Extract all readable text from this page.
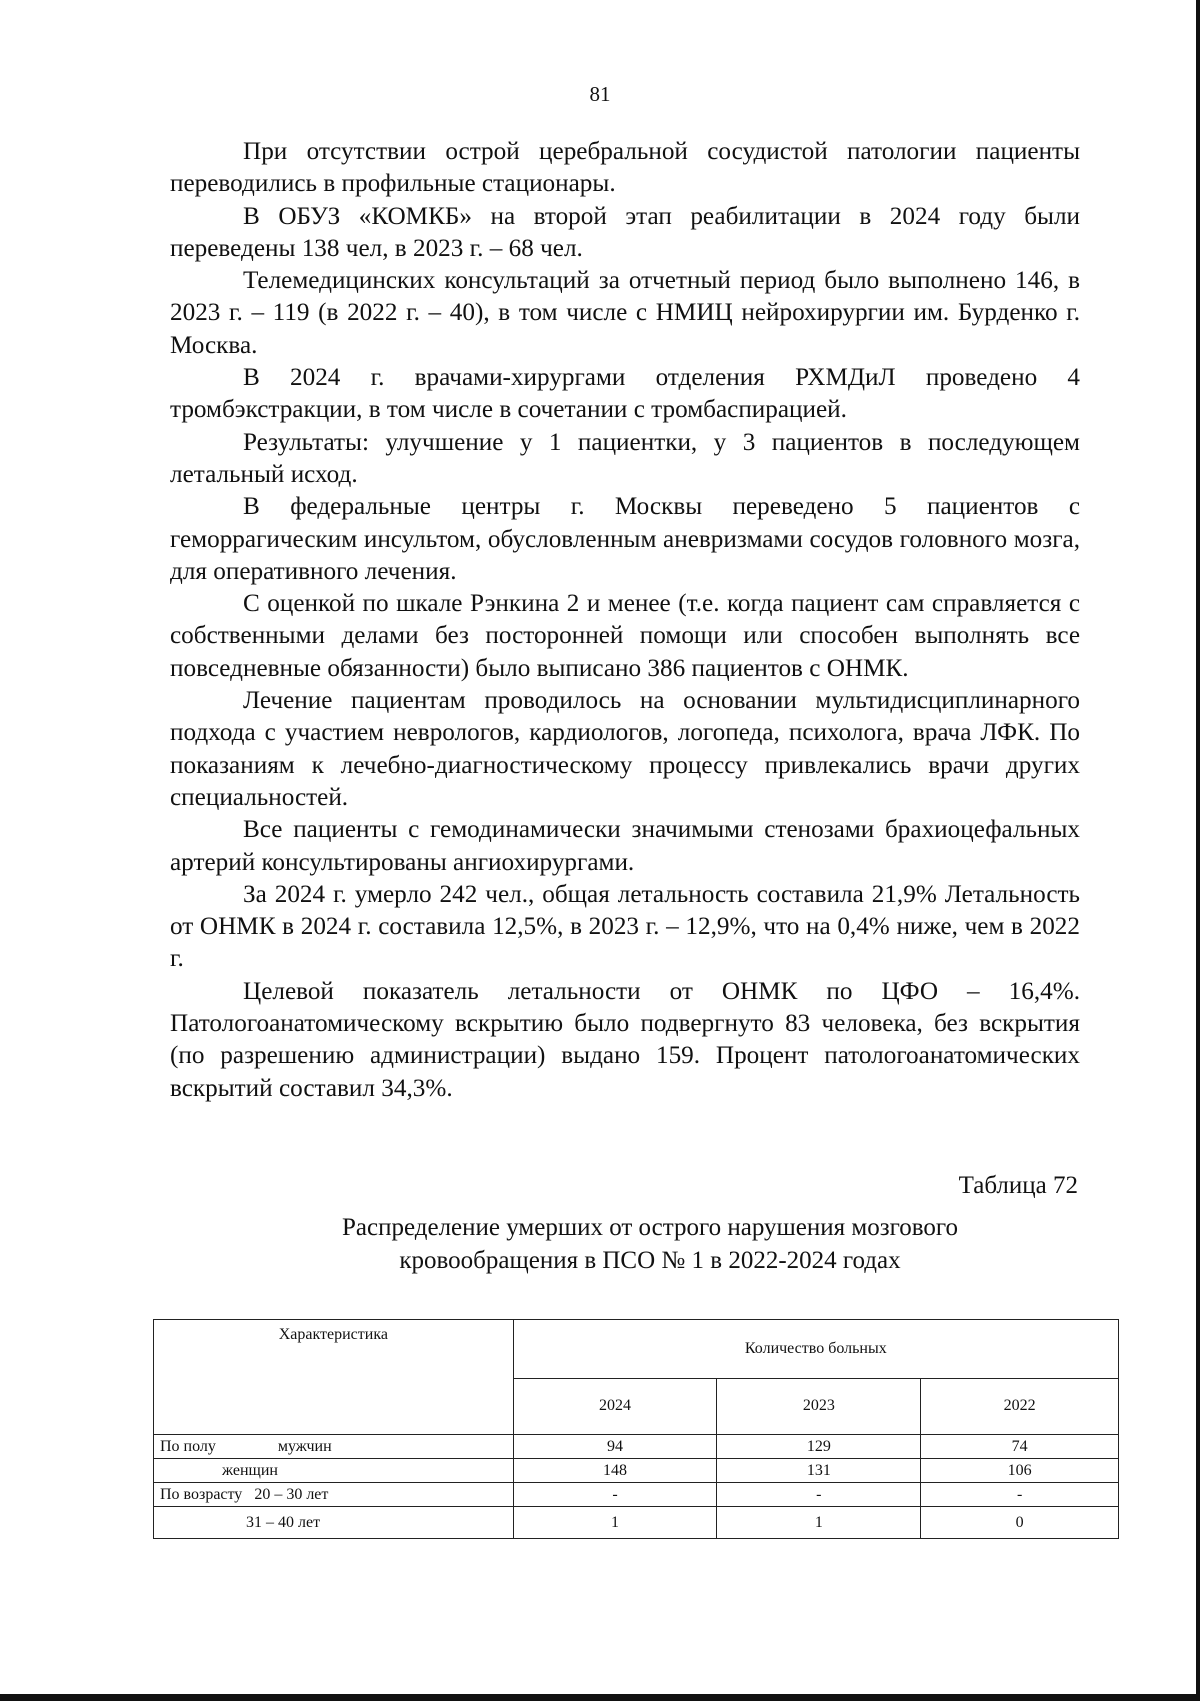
81

При отсутствии острой церебральной сосудистой патологии пациенты переводились в профильные стационары.

В ОБУЗ «КОМКБ» на второй этап реабилитации в 2024 году были переведены 138 чел, в 2023 г. – 68 чел.

Телемедицинских консультаций за отчетный период было выполнено 146, в 2023 г. – 119 (в 2022 г. – 40), в том числе с НМИЦ нейрохирургии им. Бурденко г. Москва.

В 2024 г. врачами-хирургами отделения РХМДиЛ проведено 4 тромбэкстракции, в том числе в сочетании с тромбаспирацией.

Результаты: улучшение у 1 пациентки, у 3 пациентов в последующем летальный исход.

В федеральные центры г. Москвы переведено 5 пациентов с геморрагическим инсультом, обусловленным аневризмами сосудов головного мозга, для оперативного лечения.

С оценкой по шкале Рэнкина 2 и менее (т.е. когда пациент сам справляется с собственными делами без посторонней помощи или способен выполнять все повседневные обязанности) было выписано 386 пациентов с ОНМК.

Лечение пациентам проводилось на основании мультидисциплинарного подхода с участием неврологов, кардиологов, логопеда, психолога, врача ЛФК. По показаниям к лечебно-диагностическому процессу привлекались врачи других специальностей.

Все пациенты с гемодинамически значимыми стенозами брахиоцефальных артерий консультированы ангиохирургами.

За 2024 г. умерло 242 чел., общая летальность составила 21,9% Летальность от ОНМК в 2024 г. составила 12,5%, в 2023 г. – 12,9%, что на 0,4% ниже, чем в 2022 г.

Целевой показатель летальности от ОНМК по ЦФО – 16,4%. Патологоанатомическому вскрытию было подвергнуто 83 человека, без вскрытия (по разрешению администрации) выдано 159. Процент патологоанатомических вскрытий составил 34,3%.

Таблица 72
Распределение умерших от острого нарушения мозгового
кровообращения в ПСО № 1 в 2022-2024 годах
Характеристика	Количество больных		
	2024	2023	2022
По полу мужчин	94	129	74
женщин	148	131	106
По возрасту 20 – 30 лет	-	-	-
31 – 40 лет	1	1	0
